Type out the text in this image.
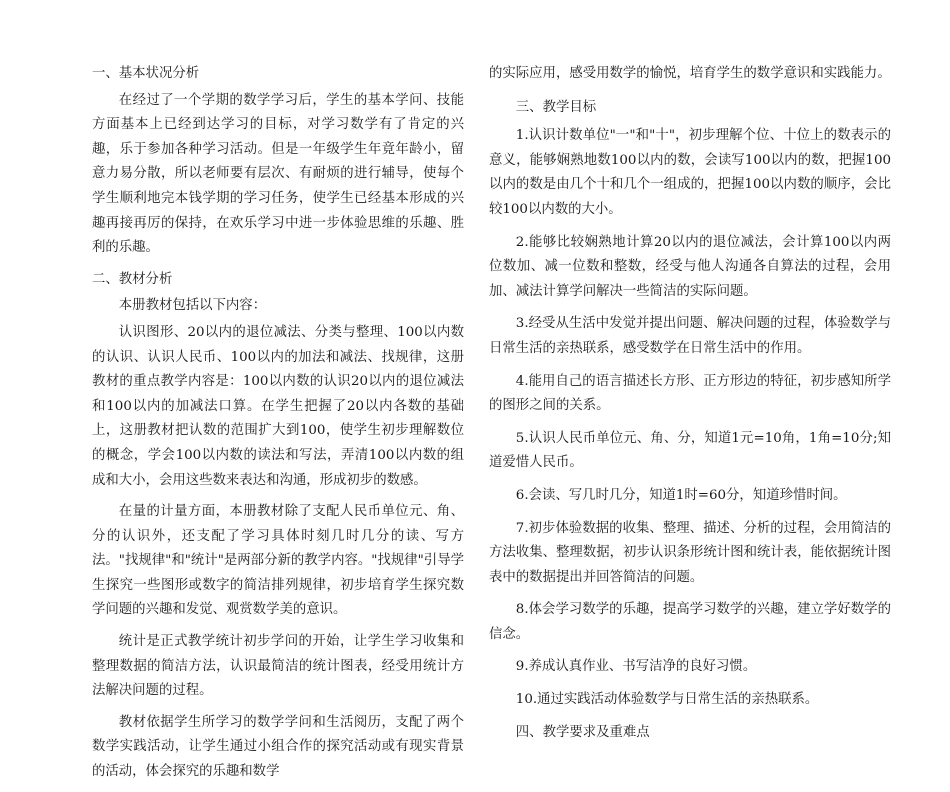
一、基本状况分析

在经过了一个学期的数学学习后，学生的基本学问、技能方面基本上已经到达学习的目标，对学习数学有了肯定的兴趣，乐于参加各种学习活动。但是一年级学生年竟年龄小，留意力易分散，所以老师要有层次、有耐烦的进行辅导，使每个学生顺利地完本钱学期的学习任务，使学生已经基本形成的兴趣再接再厉的保持，在欢乐学习中进一步体验思维的乐趣、胜利的乐趣。

二、教材分析

本册教材包括以下内容：

认识图形、20以内的退位减法、分类与整理、100以内数的认识、认识人民币、100以内的加法和减法、找规律，这册教材的重点教学内容是：100以内数的认识20以内的退位减法和100以内的加减法口算。在学生把握了20以内各数的基础上，这册教材把认数的范围扩大到100，使学生初步理解数位的概念，学会100以内数的读法和写法，弄清100以内数的组成和大小，会用这些数来表达和沟通，形成初步的数感。

在量的计量方面，本册教材除了支配人民币单位元、角、分的认识外，还支配了学习具体时刻几时几分的读、写方法。"找规律"和"统计"是两部分新的教学内容。"找规律"引导学生探究一些图形或数字的简洁排列规律，初步培育学生探究数学问题的兴趣和发觉、观赏数学美的意识。

统计是正式教学统计初步学问的开始，让学生学习收集和整理数据的简洁方法，认识最简洁的统计图表，经受用统计方法解决问题的过程。

教材依据学生所学习的数学学问和生活阅历，支配了两个数学实践活动，让学生通过小组合作的探究活动或有现实背景的活动，体会探究的乐趣和数学

的实际应用，感受用数学的愉悦，培育学生的数学意识和实践能力。

三、教学目标

1.认识计数单位"一"和"十"，初步理解个位、十位上的数表示的意义，能够娴熟地数100以内的数，会读写100以内的数，把握100以内的数是由几个十和几个一组成的，把握100以内数的顺序，会比较100以内数的大小。

2.能够比较娴熟地计算20以内的退位减法，会计算100以内两位数加、减一位数和整数，经受与他人沟通各自算法的过程，会用加、减法计算学问解决一些简洁的实际问题。

3.经受从生活中发觉并提出问题、解决问题的过程，体验数学与日常生活的亲热联系，感受数学在日常生活中的作用。

4.能用自己的语言描述长方形、正方形边的特征，初步感知所学的图形之间的关系。

5.认识人民币单位元、角、分，知道1元=10角，1角=10分;知道爱惜人民币。

6.会读、写几时几分，知道1时=60分，知道珍惜时间。

7.初步体验数据的收集、整理、描述、分析的过程，会用简洁的方法收集、整理数据，初步认识条形统计图和统计表，能依据统计图表中的数据提出并回答简洁的问题。

8.体会学习数学的乐趣，提高学习数学的兴趣，建立学好数学的信念。

9.养成认真作业、书写洁净的良好习惯。

10.通过实践活动体验数学与日常生活的亲热联系。

四、教学要求及重难点
